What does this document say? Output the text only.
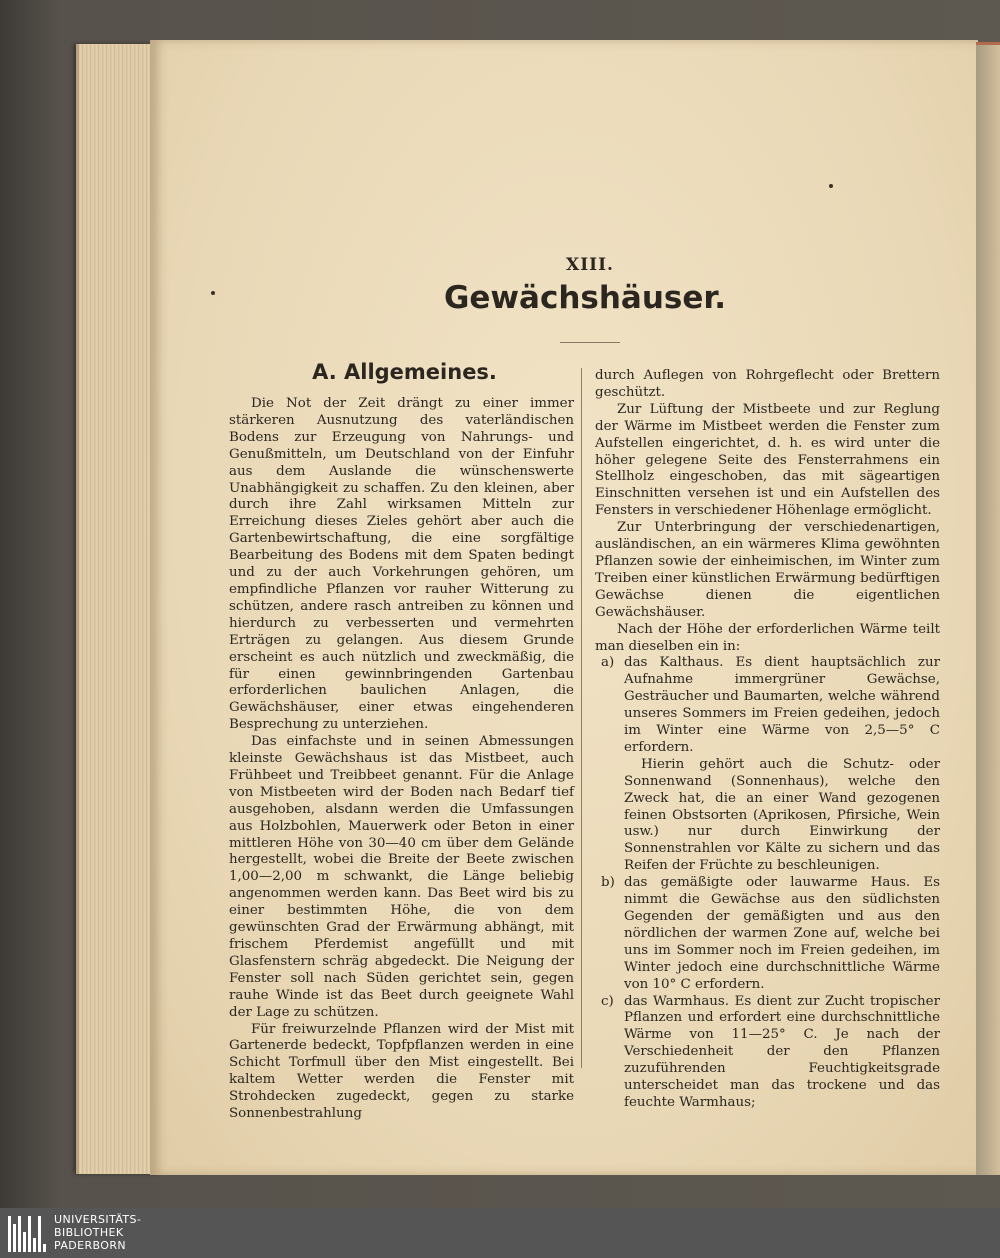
XIII.
Gewächshäuser.
A. Allgemeines.

Die Not der Zeit drängt zu einer immer stärkeren Ausnutzung des vaterländischen Bodens zur Erzeugung von Nahrungs- und Genußmitteln, um Deutschland von der Einfuhr aus dem Auslande die wünschenswerte Unabhängigkeit zu schaffen. Zu den kleinen, aber durch ihre Zahl wirksamen Mitteln zur Erreichung dieses Zieles gehört aber auch die Gartenbewirtschaftung, die eine sorgfältige Bearbeitung des Bodens mit dem Spaten bedingt und zu der auch Vorkehrungen gehören, um empfindliche Pflanzen vor rauher Witterung zu schützen, andere rasch antreiben zu können und hierdurch zu verbesserten und vermehrten Erträgen zu gelangen. Aus diesem Grunde erscheint es auch nützlich und zweckmäßig, die für einen gewinnbringenden Gartenbau erforderlichen baulichen Anlagen, die Gewächshäuser, einer etwas eingehenderen Besprechung zu unterziehen.

Das einfachste und in seinen Abmessungen kleinste Gewächshaus ist das Mistbeet, auch Frühbeet und Treibbeet genannt. Für die Anlage von Mistbeeten wird der Boden nach Bedarf tief ausgehoben, alsdann werden die Umfassungen aus Holzbohlen, Mauerwerk oder Beton in einer mittleren Höhe von 30—40 cm über dem Gelände hergestellt, wobei die Breite der Beete zwischen 1,00—2,00 m schwankt, die Länge beliebig angenommen werden kann. Das Beet wird bis zu einer bestimmten Höhe, die von dem gewünschten Grad der Erwärmung abhängt, mit frischem Pferdemist angefüllt und mit Glasfenstern schräg abgedeckt. Die Neigung der Fenster soll nach Süden gerichtet sein, gegen rauhe Winde ist das Beet durch geeignete Wahl der Lage zu schützen.

Für freiwurzelnde Pflanzen wird der Mist mit Gartenerde bedeckt, Topfpflanzen werden in eine Schicht Torfmull über den Mist eingestellt. Bei kaltem Wetter werden die Fenster mit Strohdecken zugedeckt, gegen zu starke Sonnenbestrahlung

durch Auflegen von Rohrgeflecht oder Brettern geschützt.

Zur Lüftung der Mistbeete und zur Reglung der Wärme im Mistbeet werden die Fenster zum Aufstellen eingerichtet, d. h. es wird unter die höher gelegene Seite des Fensterrahmens ein Stellholz eingeschoben, das mit sägeartigen Einschnitten versehen ist und ein Aufstellen des Fensters in verschiedener Höhenlage ermöglicht.

Zur Unterbringung der verschiedenartigen, ausländischen, an ein wärmeres Klima gewöhnten Pflanzen sowie der einheimischen, im Winter zum Treiben einer künstlichen Erwärmung bedürftigen Gewächse dienen die eigentlichen Gewächshäuser.

Nach der Höhe der erforderlichen Wärme teilt man dieselben ein in:

a) das Kalthaus. Es dient hauptsächlich zur Aufnahme immergrüner Gewächse, Gesträucher und Baumarten, welche während unseres Sommers im Freien gedeihen, jedoch im Winter eine Wärme von 2,5—5° C erfordern.

Hierin gehört auch die Schutz- oder Sonnenwand (Sonnenhaus), welche den Zweck hat, die an einer Wand gezogenen feinen Obstsorten (Aprikosen, Pfirsiche, Wein usw.) nur durch Einwirkung der Sonnenstrahlen vor Kälte zu sichern und das Reifen der Früchte zu beschleunigen.

b) das gemäßigte oder lauwarme Haus. Es nimmt die Gewächse aus den südlichsten Gegenden der gemäßigten und aus den nördlichen der warmen Zone auf, welche bei uns im Sommer noch im Freien gedeihen, im Winter jedoch eine durchschnittliche Wärme von 10° C erfordern.

c) das Warmhaus. Es dient zur Zucht tropischer Pflanzen und erfordert eine durchschnittliche Wärme von 11—25° C. Je nach der Verschiedenheit der den Pflanzen zuzuführenden Feuchtigkeitsgrade unterscheidet man das trockene und das feuchte Warmhaus;

UNIVERSITÄTS-
BIBLIOTHEK
PADERBORN
